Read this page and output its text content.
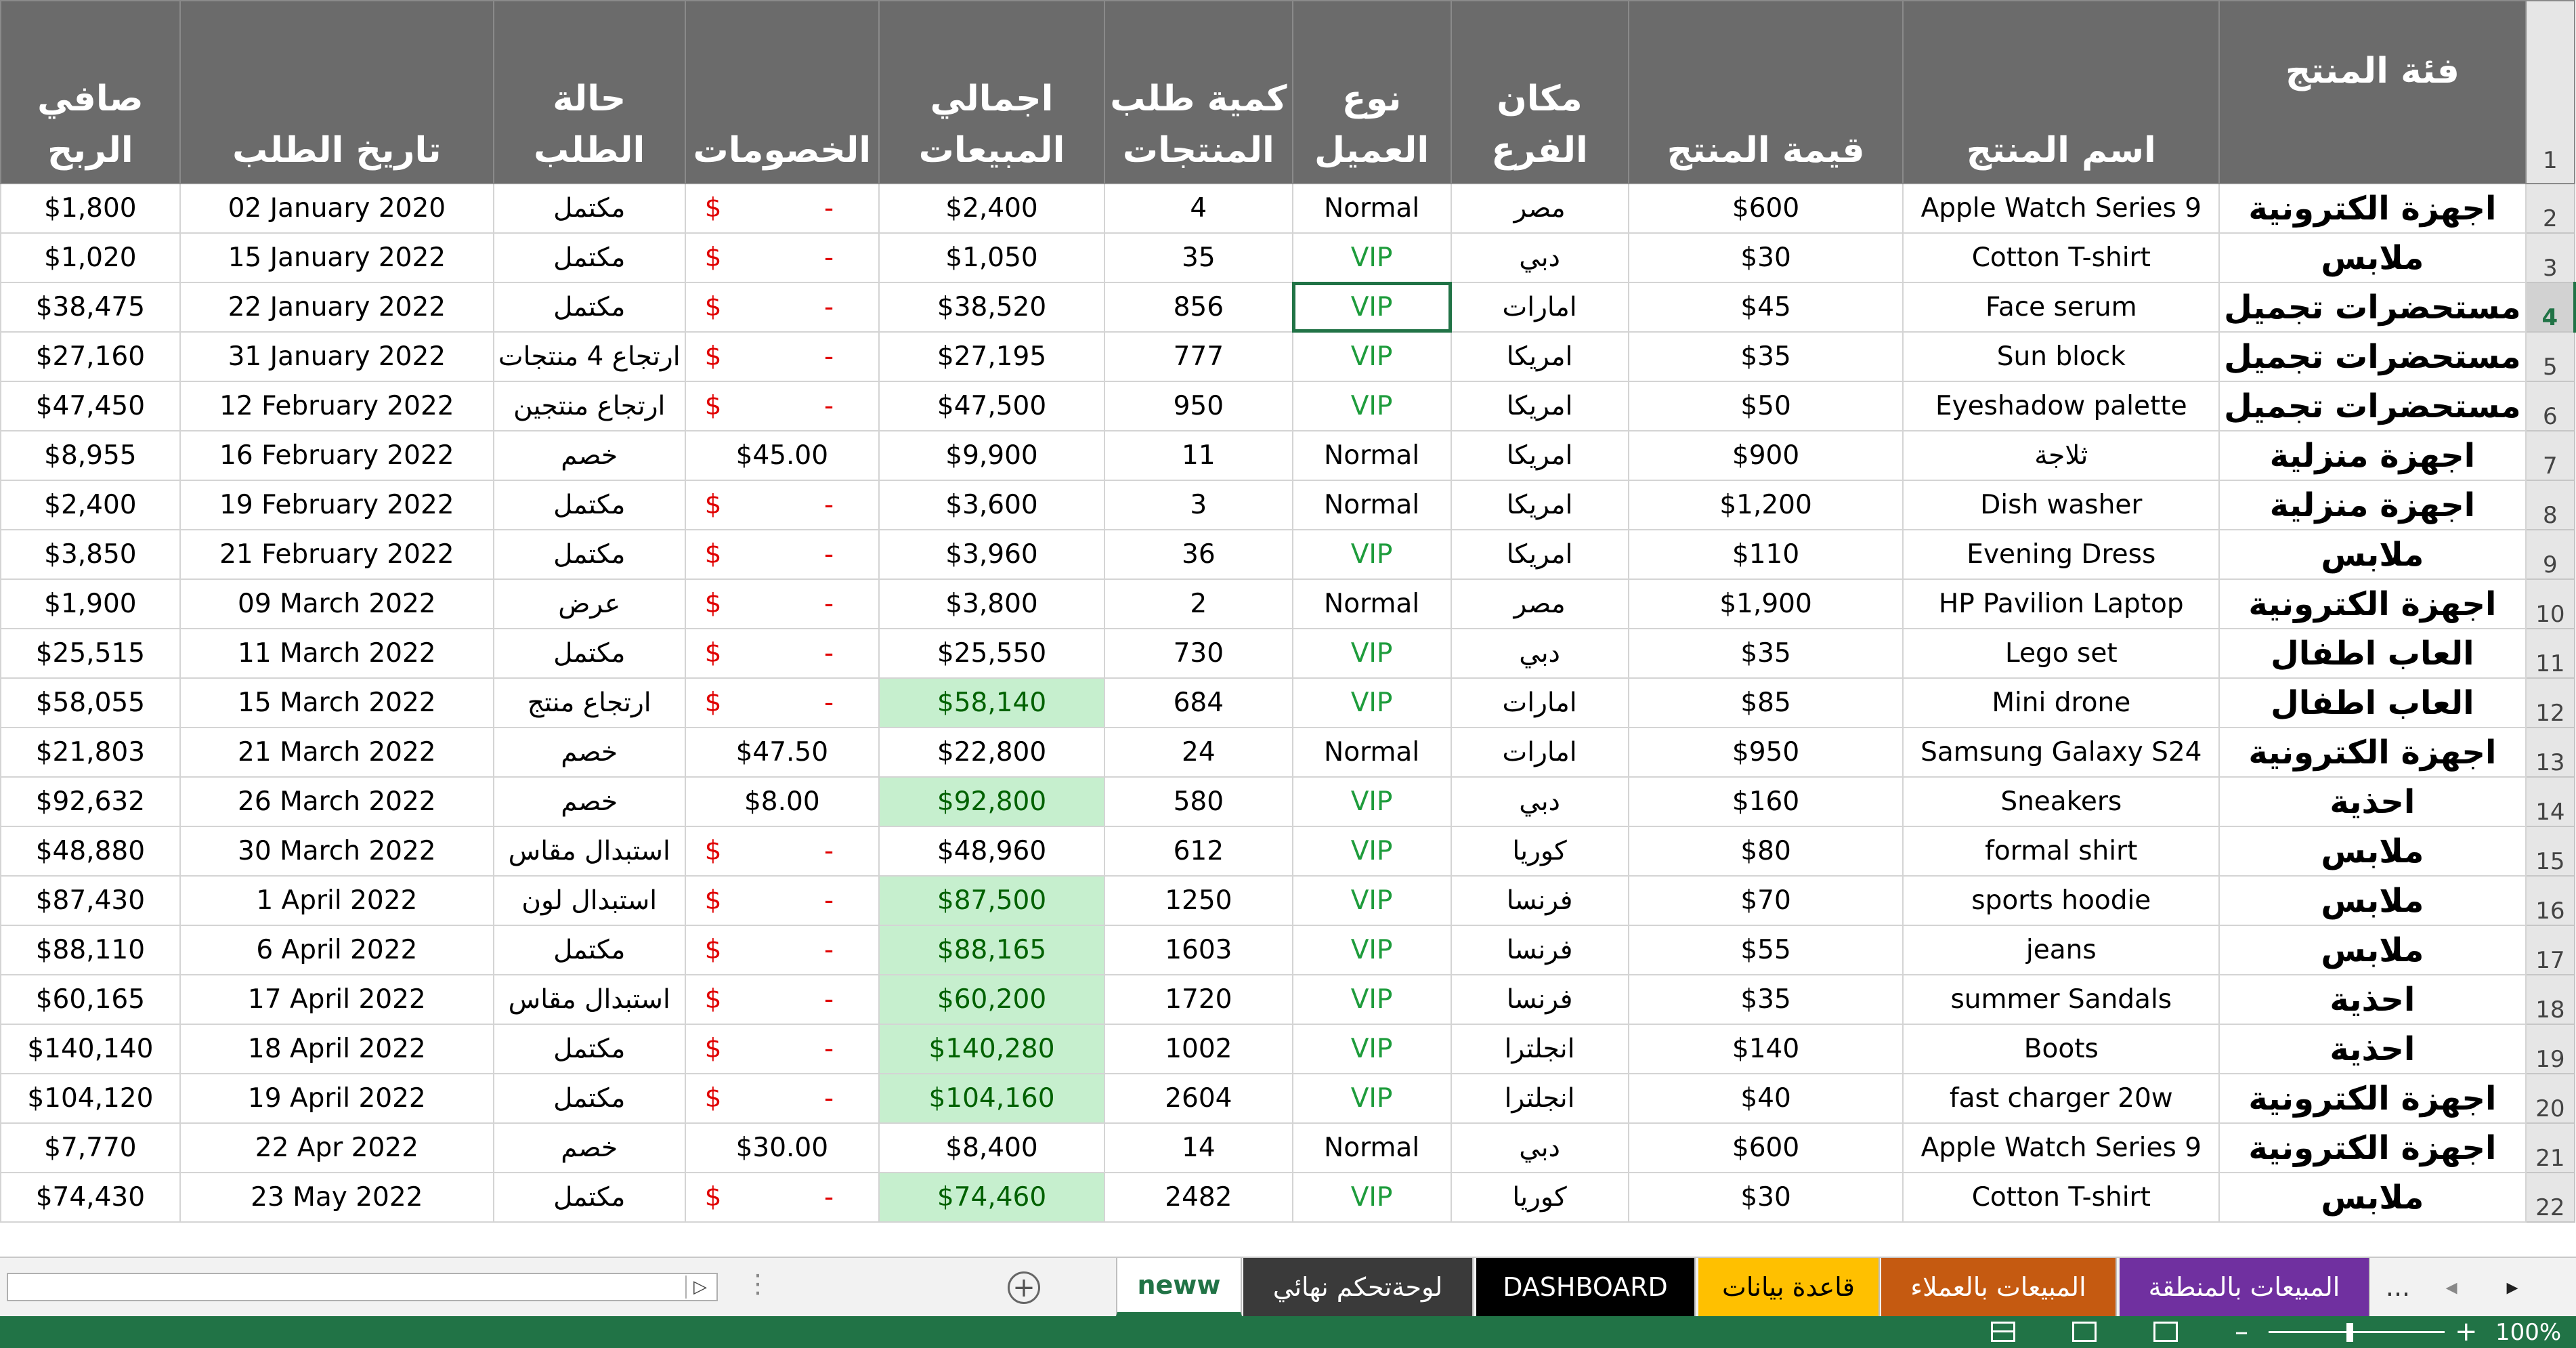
صافي الربح	تاريخ الطلب	حالة الطلب	الخصومات	اجمالي المبيعات	كمية طلب المنتجات	نوع العميل	مكان الفرع	قيمة المنتج	اسم المنتج	فئة المنتج	1
$1,800	02 January 2020	مكتمل	$ -	$2,400	4	Normal	مصر	$600	Apple Watch Series 9	اجهزة الكترونية	2
$1,020	15 January 2022	مكتمل	$ -	$1,050	35	VIP	دبي	$30	Cotton T-shirt	ملابس	3
$38,475	22 January 2022	مكتمل	$ -	$38,520	856	VIP	امارات	$45	Face serum	مستحضرات تجميل	4
$27,160	31 January 2022	ارتجاع 4 منتجات	$ -	$27,195	777	VIP	امريكا	$35	Sun block	مستحضرات تجميل	5
$47,450	12 February 2022	ارتجاع منتجين	$ -	$47,500	950	VIP	امريكا	$50	Eyeshadow palette	مستحضرات تجميل	6
$8,955	16 February 2022	خصم	$45.00	$9,900	11	Normal	امريكا	$900	ثلاجة	اجهزة منزلية	7
$2,400	19 February 2022	مكتمل	$ -	$3,600	3	Normal	امريكا	$1,200	Dish washer	اجهزة منزلية	8
$3,850	21 February 2022	مكتمل	$ -	$3,960	36	VIP	امريكا	$110	Evening Dress	ملابس	9
$1,900	09 March 2022	عرض	$ -	$3,800	2	Normal	مصر	$1,900	HP Pavilion Laptop	اجهزة الكترونية	10
$25,515	11 March 2022	مكتمل	$ -	$25,550	730	VIP	دبي	$35	Lego set	العاب اطفال	11
$58,055	15 March 2022	ارتجاع منتج	$ -	$58,140	684	VIP	امارات	$85	Mini drone	العاب اطفال	12
$21,803	21 March 2022	خصم	$47.50	$22,800	24	Normal	امارات	$950	Samsung Galaxy S24	اجهزة الكترونية	13
$92,632	26 March 2022	خصم	$8.00	$92,800	580	VIP	دبي	$160	Sneakers	احذية	14
$48,880	30 March 2022	استبدال مقاس	$ -	$48,960	612	VIP	كوريا	$80	formal shirt	ملابس	15
$87,430	1 April 2022	استبدال لون	$ -	$87,500	1250	VIP	فرنسا	$70	sports hoodie	ملابس	16
$88,110	6 April 2022	مكتمل	$ -	$88,165	1603	VIP	فرنسا	$55	jeans	ملابس	17
$60,165	17 April 2022	استبدال مقاس	$ -	$60,200	1720	VIP	فرنسا	$35	summer Sandals	احذية	18
$140,140	18 April 2022	مكتمل	$ -	$140,280	1002	VIP	انجلترا	$140	Boots	احذية	19
$104,120	19 April 2022	مكتمل	$ -	$104,160	2604	VIP	انجلترا	$40	fast charger 20w	اجهزة الكترونية	20
$7,770	22 Apr 2022	خصم	$30.00	$8,400	14	Normal	دبي	$600	Apple Watch Series 9	اجهزة الكترونية	21
$74,430	23 May 2022	مكتمل	$ -	$74,460	2482	VIP	كوريا	$30	Cotton T-shirt	ملابس	22
▷ ⋮	+	neww لوحةتحكم نهائي DASHBOARD قاعدة بيانات المبيعات بالعملاء المبيعات بالمنطقة ...	◂	▸
–	+ 100%
